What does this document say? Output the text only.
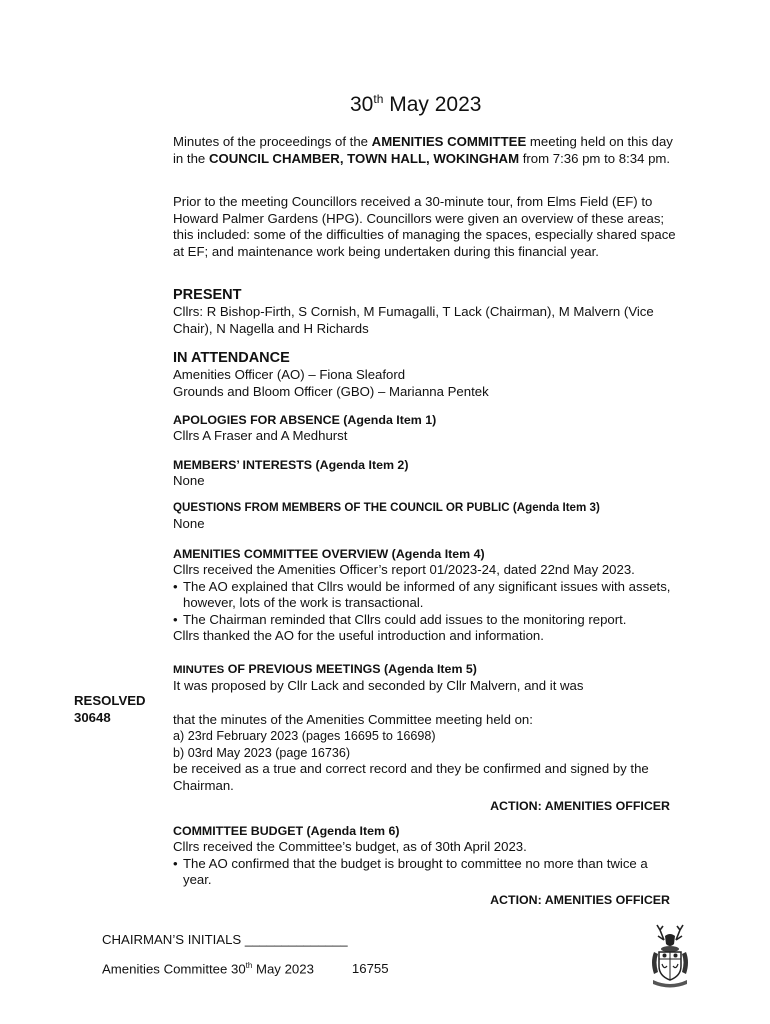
30th May 2023

Minutes of the proceedings of the AMENITIES COMMITTEE meeting held on this day in the COUNCIL CHAMBER, TOWN HALL, WOKINGHAM from 7:36 pm to 8:34 pm.

Prior to the meeting Councillors received a 30-minute tour, from Elms Field (EF) to Howard Palmer Gardens (HPG). Councillors were given an overview of these areas; this included: some of the difficulties of managing the spaces, especially shared space at EF; and maintenance work being undertaken during this financial year.

PRESENT

Cllrs: R Bishop-Firth, S Cornish, M Fumagalli, T Lack (Chairman), M Malvern (Vice Chair), N Nagella and H Richards

IN ATTENDANCE

Amenities Officer (AO) – Fiona Sleaford

Grounds and Bloom Officer (GBO) – Marianna Pentek

APOLOGIES FOR ABSENCE (Agenda Item 1)

Cllrs A Fraser and A Medhurst

MEMBERS’ INTERESTS (Agenda Item 2)

None

QUESTIONS FROM MEMBERS OF THE COUNCIL OR PUBLIC (Agenda Item 3)

None

AMENITIES COMMITTEE OVERVIEW (Agenda Item 4)

Cllrs received the Amenities Officer’s report 01/2023-24, dated 22nd May 2023.

• The AO explained that Cllrs would be informed of any significant issues with assets, however, lots of the work is transactional.

• The Chairman reminded that Cllrs could add issues to the monitoring report.

Cllrs thanked the AO for the useful introduction and information.

MINUTES OF PREVIOUS MEETINGS (Agenda Item 5)

It was proposed by Cllr Lack and seconded by Cllr Malvern, and it was

that the minutes of the Amenities Committee meeting held on:

a) 23rd February 2023 (pages 16695 to 16698)

b) 03rd May 2023 (page 16736)

be received as a true and correct record and they be confirmed and signed by the Chairman.

ACTION: AMENITIES OFFICER
RESOLVED
30648
COMMITTEE BUDGET (Agenda Item 6)

Cllrs received the Committee’s budget, as of 30th April 2023.

• The AO confirmed that the budget is brought to committee no more than twice a year.

ACTION: AMENITIES OFFICER
CHAIRMAN’S INITIALS ______________
Amenities Committee 30th May 2023	16755
